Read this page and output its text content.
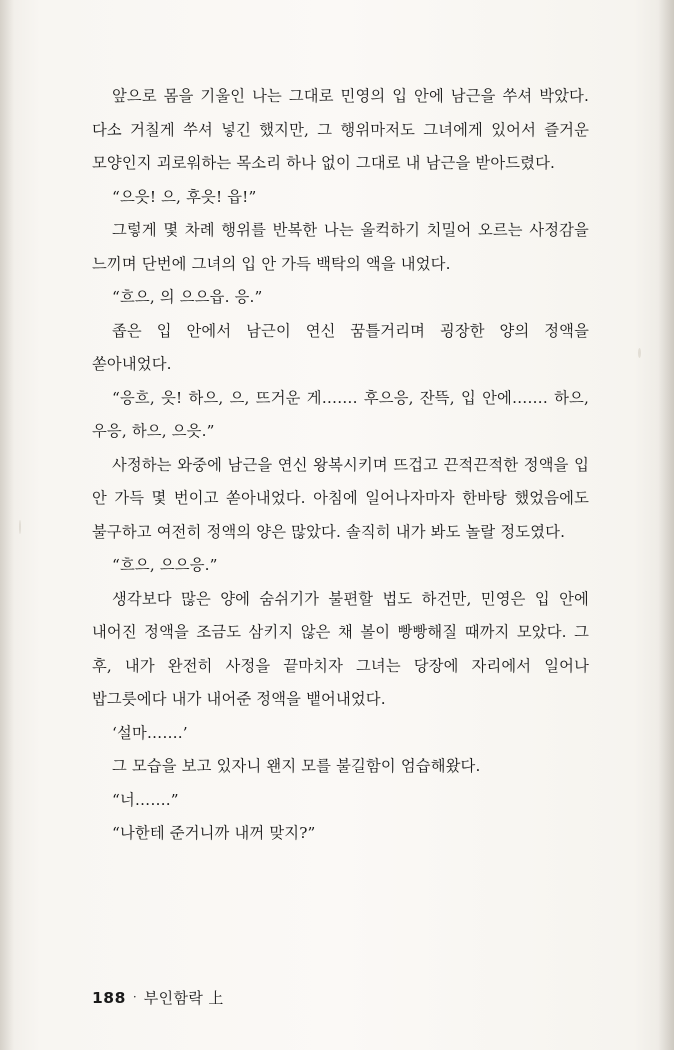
앞으로 몸을 기울인 나는 그대로 민영의 입 안에 남근을 쑤셔 박았다. 다소 거칠게 쑤셔 넣긴 했지만, 그 행위마저도 그녀에게 있어서 즐거운 모양인지 괴로워하는 목소리 하나 없이 그대로 내 남근을 받아드렸다.

“으읏! 으, 후읏! 읍!”

그렇게 몇 차례 행위를 반복한 나는 울컥하기 치밀어 오르는 사정감을 느끼며 단번에 그녀의 입 안 가득 백탁의 액을 내었다.

“흐으, 의 으으읍. 응.”

좁은 입 안에서 남근이 연신 꿈틀거리며 굉장한 양의 정액을 쏟아내었다.

“응흐, 읏! 하으, 으, 뜨거운 게……. 후으응, 잔뜩, 입 안에……. 하으, 우응, 하으, 으읏.”

사정하는 와중에 남근을 연신 왕복시키며 뜨겁고 끈적끈적한 정액을 입 안 가득 몇 번이고 쏟아내었다. 아침에 일어나자마자 한바탕 했었음에도 불구하고 여전히 정액의 양은 많았다. 솔직히 내가 봐도 놀랄 정도였다.

“흐으, 으으응.”

생각보다 많은 양에 숨쉬기가 불편할 법도 하건만, 민영은 입 안에 내어진 정액을 조금도 삼키지 않은 채 볼이 빵빵해질 때까지 모았다. 그 후, 내가 완전히 사정을 끝마치자 그녀는 당장에 자리에서 일어나 밥그릇에다 내가 내어준 정액을 뱉어내었다.

‘설마…….’

그 모습을 보고 있자니 왠지 모를 불길함이 엄습해왔다.

“너…….”

“나한테 준거니까 내꺼 맞지?”

188 · 부인함락 上
